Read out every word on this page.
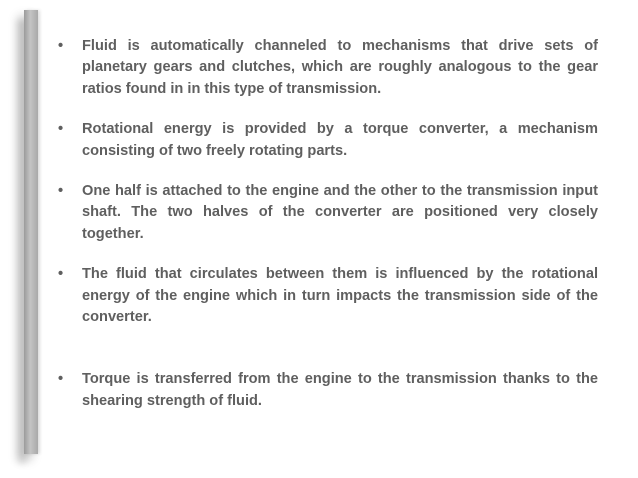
•	Fluid is automatically channeled to mechanisms that drive sets of planetary gears and clutches, which are roughly analogous to the gear ratios found in in this type of transmission.
•	Rotational energy is provided by a torque converter, a mechanism consisting of two freely rotating parts.
•	One half is attached to the engine and the other to the transmission input shaft. The two halves of the converter are positioned very closely together.
•	The fluid that circulates between them is influenced by the rotational energy of the engine which in turn impacts the transmission side of the converter.
•	Torque is transferred from the engine to the transmission thanks to the shearing strength of fluid.
